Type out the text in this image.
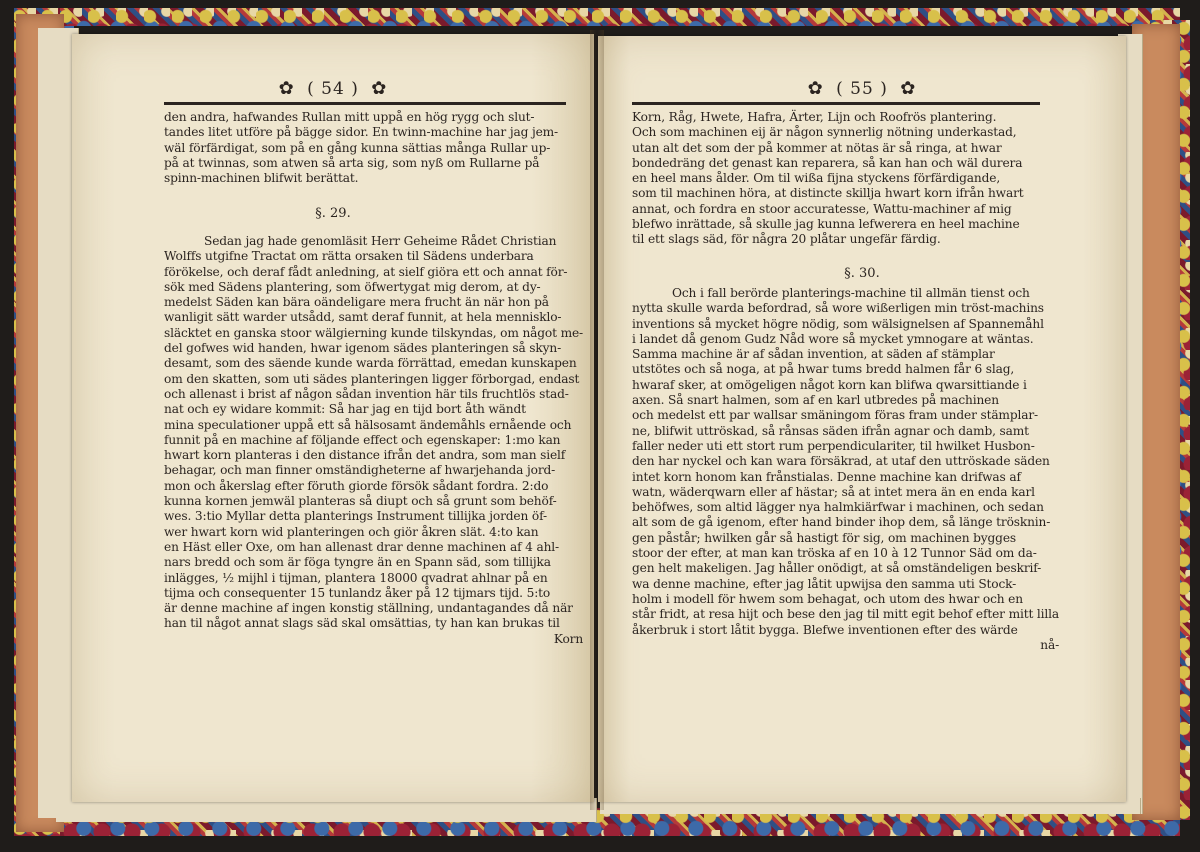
✿ ( 54 ) ✿

den andra, hafwandes Rullan mitt uppå en hög rygg och slut-

tandes litet utföre på bägge sidor. En twinn-machine har jag jem-

wäl förfärdigat, som på en gång kunna sättias många Rullar up-

på at twinnas, som atwen så arta sig, som nyß om Rullarne på

spinn-machinen blifwit berättat.

§. 29.

Sedan jag hade genomläsit Herr Geheime Rådet Christian

Wolffs utgifne Tractat om rätta orsaken til Sädens underbara

förökelse, och deraf fådt anledning, at sielf giöra ett och annat för-

sök med Sädens plantering, som öfwertygat mig derom, at dy-

medelst Säden kan bära oändeligare mera frucht än när hon på

wanligit sätt warder utsådd, samt deraf funnit, at hela mennisklo-

släcktet en ganska stoor wälgierning kunde tilskyndas, om något me-

del gofwes wid handen, hwar igenom sädes planteringen så skyn-

desamt, som des säende kunde warda förrättad, emedan kunskapen

om den skatten, som uti sädes planteringen ligger förborgad, endast

och allenast i brist af någon sådan invention här tils fruchtlös stad-

nat och ey widare kommit: Så har jag en tijd bort åth wändt

mina speculationer uppå ett så hälsosamt ändemåhls ernående och

funnit på en machine af följande effect och egenskaper: 1:mo kan

hwart korn planteras i den distance ifrån det andra, som man sielf

behagar, och man finner omständigheterne af hwarjehanda jord-

mon och åkerslag efter föruth giorde försök sådant fordra. 2:do

kunna kornen jemwäl planteras så diupt och så grunt som behöf-

wes. 3:tio Myllar detta planterings Instrument tillijka jorden öf-

wer hwart korn wid planteringen och giör åkren slät. 4:to kan

en Häst eller Oxe, om han allenast drar denne machinen af 4 ahl-

nars bredd och som är föga tyngre än en Spann säd, som tillijka

inlägges, ½ mijhl i tijman, plantera 18000 qvadrat ahlnar på en

tijma och consequenter 15 tunlandz åker på 12 tijmars tijd. 5:to

är denne machine af ingen konstig ställning, undantagandes då när

han til något annat slags säd skal omsättias, ty han kan brukas til

Korn

✿ ( 55 ) ✿

Korn, Råg, Hwete, Hafra, Ärter, Lijn och Roofrös plantering.

Och som machinen eij är någon synnerlig nötning underkastad,

utan alt det som der på kommer at nötas är så ringa, at hwar

bondedräng det genast kan reparera, så kan han och wäl durera

en heel mans ålder. Om til wißa fijna styckens förfärdigande,

som til machinen höra, at distincte skillja hwart korn ifrån hwart

annat, och fordra en stoor accuratesse, Wattu-machiner af mig

blefwo inrättade, så skulle jag kunna lefwerera en heel machine

til ett slags säd, för några 20 plåtar ungefär färdig.

§. 30.

Och i fall berörde planterings-machine til allmän tienst och

nytta skulle warda befordrad, så wore wißerligen min tröst-machins

inventions så mycket högre nödig, som wälsignelsen af Spannemåhl

i landet då genom Gudz Nåd wore så mycket ymnogare at wäntas.

Samma machine är af sådan invention, at säden af stämplar

utstötes och så noga, at på hwar tums bredd halmen får 6 slag,

hwaraf sker, at omögeligen något korn kan blifwa qwarsittiande i

axen. Så snart halmen, som af en karl utbredes på machinen

och medelst ett par wallsar smäningom föras fram under stämplar-

ne, blifwit uttröskad, så rånsas säden ifrån agnar och damb, samt

faller neder uti ett stort rum perpendiculariter, til hwilket Husbon-

den har nyckel och kan wara försäkrad, at utaf den uttröskade säden

intet korn honom kan frånstialas. Denne machine kan drifwas af

watn, wäderqwarn eller af hästar; så at intet mera än en enda karl

behöfwes, som altid lägger nya halmkiärfwar i machinen, och sedan

alt som de gå igenom, efter hand binder ihop dem, så länge trösknin-

gen påstår; hwilken går så hastigt för sig, om machinen bygges

stoor der efter, at man kan tröska af en 10 à 12 Tunnor Säd om da-

gen helt makeligen. Jag håller onödigt, at så omständeligen beskrif-

wa denne machine, efter jag låtit upwijsa den samma uti Stock-

holm i modell för hwem som behagat, och utom des hwar och en

står fridt, at resa hijt och bese den jag til mitt egit behof efter mitt lilla

åkerbruk i stort låtit bygga. Blefwe inventionen efter des wärde

nå-
